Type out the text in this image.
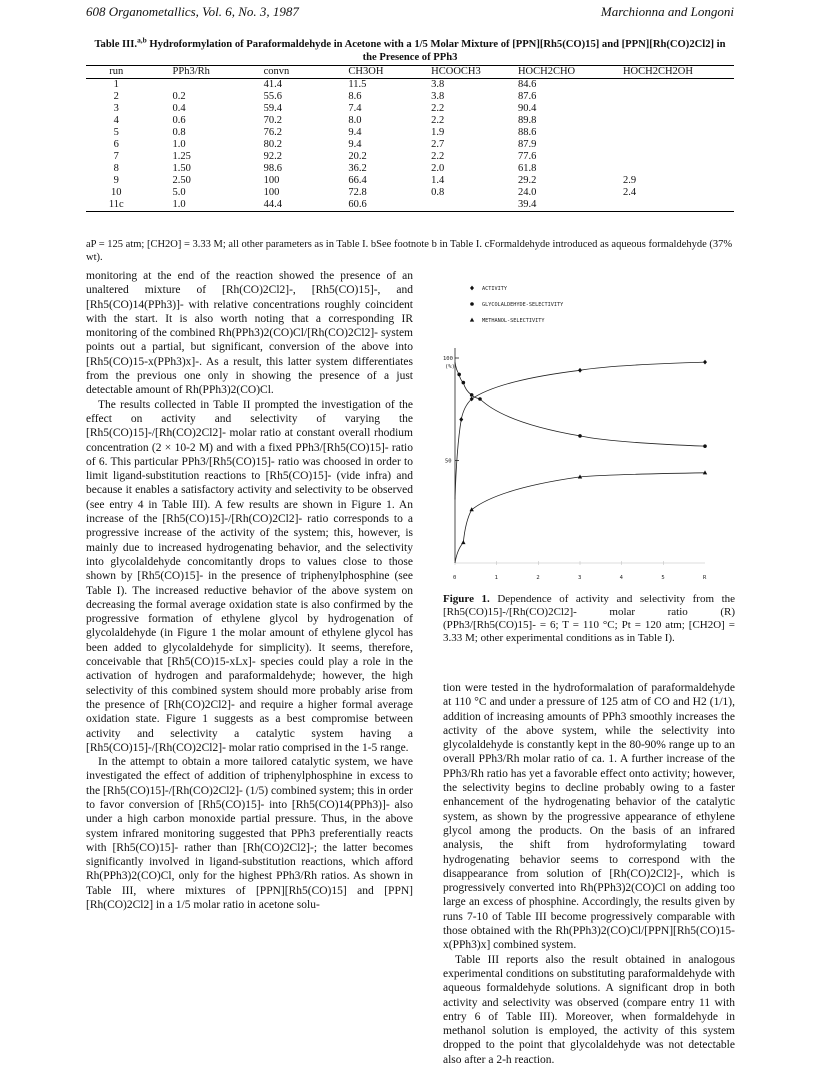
608 Organometallics, Vol. 6, No. 3, 1987	Marchionna and Longoni
Table III.$^{a,b}$ Hydroformylation of Paraformaldehyde in Acetone with a 1/5 Molar Mixture of [PPN][Rh5(CO)15] and [PPN][Rh(CO)2Cl2] in the Presence of PPh3
run	PPh3/Rh	convn	CH3OH	HCOOCH3	HOCH2CHO	HOCH2CH2OH
1		41.4	11.5	3.8	84.6	
2	0.2	55.6	8.6	3.8	87.6	
3	0.4	59.4	7.4	2.2	90.4	
4	0.6	70.2	8.0	2.2	89.8	
5	0.8	76.2	9.4	1.9	88.6	
6	1.0	80.2	9.4	2.7	87.9	
7	1.25	92.2	20.2	2.2	77.6	
8	1.50	98.6	36.2	2.0	61.8	
9	2.50	100	66.4	1.4	29.2	2.9
10	5.0	100	72.8	0.8	24.0	2.4
11c	1.0	44.4	60.6		39.4	
aP = 125 atm; [CH2O] = 3.33 M; all other parameters as in Table I. bSee footnote b in Table I. cFormaldehyde introduced as aqueous formaldehyde (37% wt).

monitoring at the end of the reaction showed the presence of an unaltered mixture of [Rh(CO)2Cl2]-, [Rh5(CO)15]-, and [Rh5(CO)14(PPh3)]- with relative concentrations roughly coincident with the start. It is also worth noting that a corresponding IR monitoring of the combined Rh(PPh3)2(CO)Cl/[Rh(CO)2Cl2]- system points out a partial, but significant, conversion of the above into [Rh5(CO)15-x(PPh3)x]-. As a result, this latter system differentiates from the previous one only in showing the presence of a just detectable amount of Rh(PPh3)2(CO)Cl.

The results collected in Table II prompted the investigation of the effect on activity and selectivity of varying the [Rh5(CO)15]-/[Rh(CO)2Cl2]- molar ratio at constant overall rhodium concentration (2 × 10-2 M) and with a fixed PPh3/[Rh5(CO)15]- ratio of 6. This particular PPh3/[Rh5(CO)15]- ratio was choosed in order to limit ligand-substitution reactions to [Rh5(CO)15]- (vide infra) and because it enables a satisfactory activity and selectivity to be observed (see entry 4 in Table III). A few results are shown in Figure 1. An increase of the [Rh5(CO)15]-/[Rh(CO)2Cl2]- ratio corresponds to a progressive increase of the activity of the system; this, however, is mainly due to increased hydrogenating behavior, and the selectivity into glycolaldehyde concomitantly drops to values close to those shown by [Rh5(CO)15]- in the presence of triphenylphosphine (see Table I). The increased reductive behavior of the above system on decreasing the formal average oxidation state is also confirmed by the progressive formation of ethylene glycol by hydrogenation of glycolaldehyde (in Figure 1 the molar amount of ethylene glycol has been added to glycolaldehyde for simplicity). It seems, therefore, conceivable that [Rh5(CO)15-xLx]- species could play a role in the activation of hydrogen and paraformaldehyde; however, the high selectivity of this combined system should more probably arise from the presence of [Rh(CO)2Cl2]- and require a higher formal average oxidation state. Figure 1 suggests as a best compromise between activity and selectivity a catalytic system having a [Rh5(CO)15]-/[Rh(CO)2Cl2]- molar ratio comprised in the 1-5 range.

In the attempt to obtain a more tailored catalytic system, we have investigated the effect of addition of triphenylphosphine in excess to the [Rh5(CO)15]-/[Rh(CO)2Cl2]- (1/5) combined system; this in order to favor conversion of [Rh5(CO)15]- into [Rh5(CO)14(PPh3)]- also under a high carbon monoxide partial pressure. Thus, in the above system infrared monitoring suggested that PPh3 preferentially reacts with [Rh5(CO)15]- rather than [Rh(CO)2Cl2]-; the latter becomes significantly involved in ligand-substitution reactions, which afford Rh(PPh3)2(CO)Cl, only for the highest PPh3/Rh ratios. As shown in Table III, where mixtures of [PPN][Rh5(CO)15] and [PPN][Rh(CO)2Cl2] in a 1/5 molar ratio in acetone solu-

100
(%)
50
0	1	2	3	4	5	R
ACTIVITY
GLYCOLALDEHYDE-SELECTIVITY
METHANOL-SELECTIVITY
Figure 1. Dependence of activity and selectivity from the [Rh5(CO)15]-/[Rh(CO)2Cl2]- molar ratio (R) (PPh3/[Rh5(CO)15]- = 6; T = 110 °C; Pt = 120 atm; [CH2O] = 3.33 M; other experimental conditions as in Table I).

tion were tested in the hydroformalation of paraformaldehyde at 110 °C and under a pressure of 125 atm of CO and H2 (1/1), addition of increasing amounts of PPh3 smoothly increases the activity of the above system, while the selectivity into glycolaldehyde is constantly kept in the 80-90% range up to an overall PPh3/Rh molar ratio of ca. 1. A further increase of the PPh3/Rh ratio has yet a favorable effect onto activity; however, the selectivity begins to decline probably owing to a faster enhancement of the hydrogenating behavior of the catalytic system, as shown by the progressive appearance of ethylene glycol among the products. On the basis of an infrared analysis, the shift from hydroformylating toward hydrogenating behavior seems to correspond with the disappearance from solution of [Rh(CO)2Cl2]-, which is progressively converted into Rh(PPh3)2(CO)Cl on adding too large an excess of phosphine. Accordingly, the results given by runs 7-10 of Table III become progressively comparable with those obtained with the Rh(PPh3)2(CO)Cl/[PPN][Rh5(CO)15-x(PPh3)x] combined system.

Table III reports also the result obtained in analogous experimental conditions on substituting paraformaldehyde with aqueous formaldehyde solutions. A significant drop in both activity and selectivity was observed (compare entry 11 with entry 6 of Table III). Moreover, when formaldehyde in methanol solution is employed, the activity of this system dropped to the point that glycolaldehyde was not detectable also after a 2-h reaction.
